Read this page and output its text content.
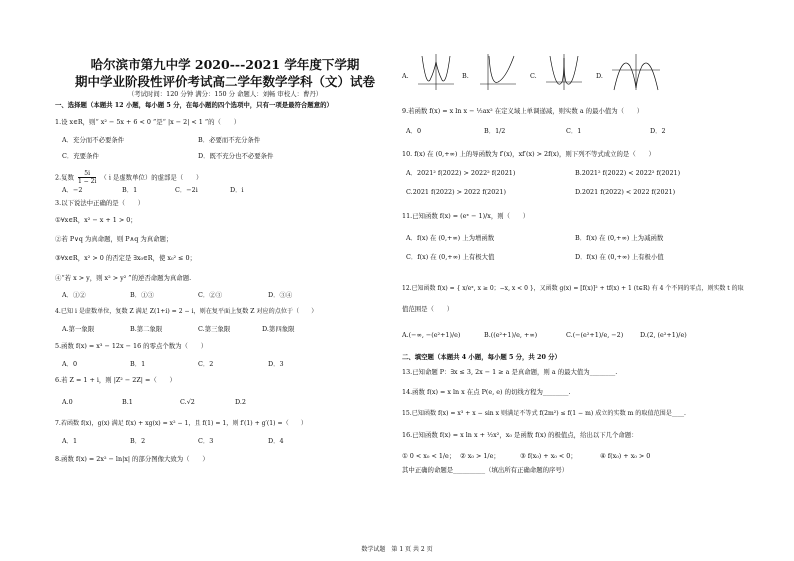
哈尔滨市第九中学 2020---2021 学年度下学期
期中学业阶段性评价考试高二学年数学学科（文）试卷
（考试时间：120 分钟 满分：150 分 命题人：刘畅 审校人：曹丹）
一、选择题（本题共 12 小题，每小题 5 分，在每小题的四个选项中，只有一项是最符合题意的）
1.设 x∈R，则“ x² − 5x + 6 < 0 ”是“ |x − 2| < 1 ”的（　　）
A．充分而不必要条件	B．必要而不充分条件
C．充要条件	D．既不充分也不必要条件
2.复数 $\frac{5i}{1 - 2i}$ （ i 是虚数单位）的虚部是（　　）
A．−2	B．1	C．−2i	D．i
3.以下说法中正确的是（　　）
①∀x∈R，x² − x + 1 > 0；
②若 P∨q 为真命题，则 P∧q 为真命题；
③∀x∈R，x² > 0 的否定是 ∃x₀∈R，使 x₀² ≤ 0；
④“若 x > y，则 x² > y² ”的逆否命题为真命题.
A．①②	B．①③	C．②③	D．③④
4.已知 i 是虚数单位，复数 Z 满足 Z(1+i) = 2 − i，则在复平面上复数 Z 对应的点位于（　　）
A.第一象限	B.第二象限	C.第三象限	D.第四象限
5.函数 f(x) = x³ − 12x − 16 的零点个数为（　　）
A．0	B．1	C．2	D．3
6.若 Z = 1 + i，则 |Z² − 2Z| =（　　）
A.0	B.1	C.√2	D.2
7.若函数 f(x)，g(x) 满足 f(x) + xg(x) = x² − 1，且 f(1) = 1，则 f′(1) + g′(1) =（　　）
A．1	B．2	C．3	D．4
8.函数 f(x) = 2x² − ln|x| 的部分图像大致为（　　）
A.	B.	C.	D.
9.若函数 f(x) = x ln x − ½ax² 在定义域上单调递减，则实数 a 的最小值为（　　）
A．0	B．1/2	C．1	D．2
10. f(x) 在 (0,+∞) 上的导函数为 f′(x)，xf′(x) > 2f(x)，则下列不等式成立的是（　　）
A．2021² f(2022) > 2022² f(2021)	B.2021² f(2022) < 2022² f(2021)
C.2021 f(2022) > 2022 f(2021)	D.2021 f(2022) < 2022 f(2021)
11.已知函数 f(x) = (eˣ − 1)/x，则（　　）
A．f(x) 在 (0,+∞) 上为增函数	B．f(x) 在 (0,+∞) 上为减函数
C．f(x) 在 (0,+∞) 上有极大值	D．f(x) 在 (0,+∞) 上有极小值
12.已知函数 f(x) = { x/eˣ, x ≥ 0；−x, x < 0 }，又函数 g(x) = [f(x)]² + tf(x) + 1 (t∈R) 有 4 个不同的零点，则实数 t 的取
值范围是（　　）
A.(−∞, −(e²+1)/e)	B.((e²+1)/e, +∞)	C.(−(e²+1)/e, −2)	D.(2, (e²+1)/e)
二、填空题（本题共 4 小题，每小题 5 分，共 20 分）
13.已知命题 P：∃x ≤ 3, 2x − 1 ≥ a 是真命题，则 a 的最大值为________.
14.函数 f(x) = x ln x 在点 P(e, e) 的切线方程为________.
15.已知函数 f(x) = x³ + x − sin x 则满足不等式 f(2m²) ≤ f(1 − m) 成立的实数 m 的取值范围是____.
16.已知函数 f(x) = x ln x + ½x²，x₀ 是函数 f(x) 的极值点，给出以下几个命题：
① 0 < x₀ < 1/e； ② x₀ > 1/e；	③ f(x₀) + x₀ < 0；	④ f(x₀) + x₀ > 0
其中正确的命题是__________（填出所有正确命题的序号）
数学试题　第 1 页 共 2 页
